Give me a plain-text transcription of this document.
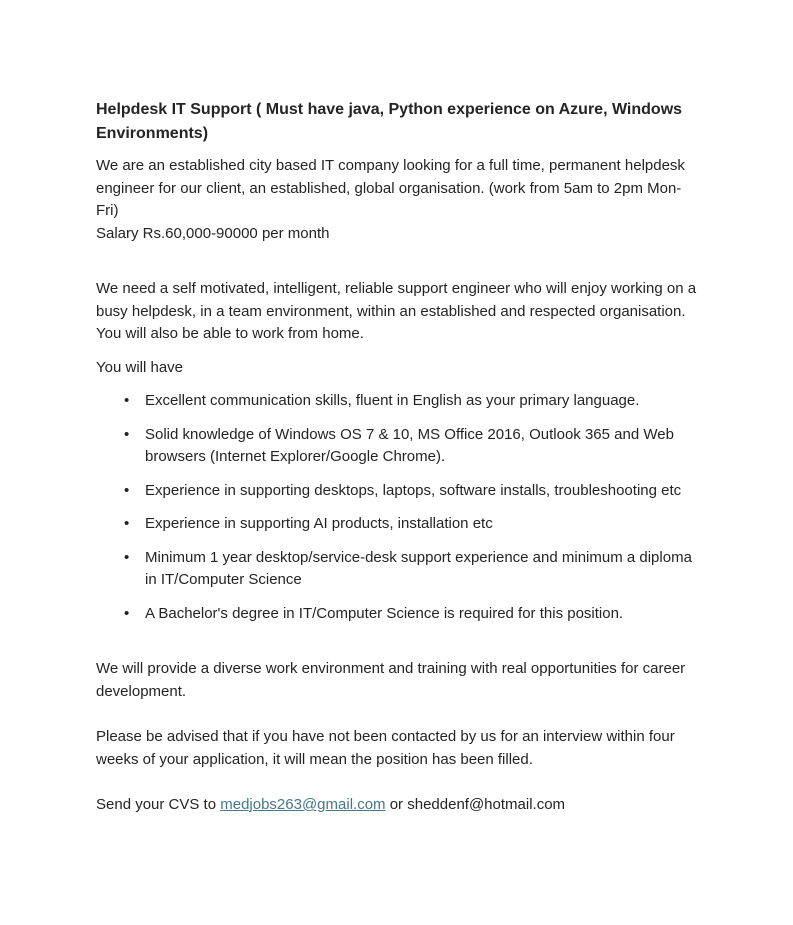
Helpdesk IT Support ( Must have java, Python experience on Azure, Windows Environments)
We are an established city based IT company looking for a full time, permanent helpdesk engineer for our client, an established, global organisation. (work from 5am to 2pm Mon-Fri)
Salary Rs.60,000-90000 per month

We need a self motivated, intelligent, reliable support engineer who will enjoy working on a busy helpdesk, in a team environment, within an established and respected organisation. You will also be able to work from home.

You will have

• Excellent communication skills, fluent in English as your primary language.
• Solid knowledge of Windows OS 7 & 10, MS Office 2016, Outlook 365 and Web browsers (Internet Explorer/Google Chrome).
• Experience in supporting desktops, laptops, software installs, troubleshooting etc
• Experience in supporting AI products, installation etc
• Minimum 1 year desktop/service-desk support experience and minimum a diploma in IT/Computer Science
• A Bachelor's degree in IT/Computer Science is required for this position.

We will provide a diverse work environment and training with real opportunities for career development.

Please be advised that if you have not been contacted by us for an interview within four weeks of your application, it will mean the position has been filled.

Send your CVS to medjobs263@gmail.com or sheddenf@hotmail.com
